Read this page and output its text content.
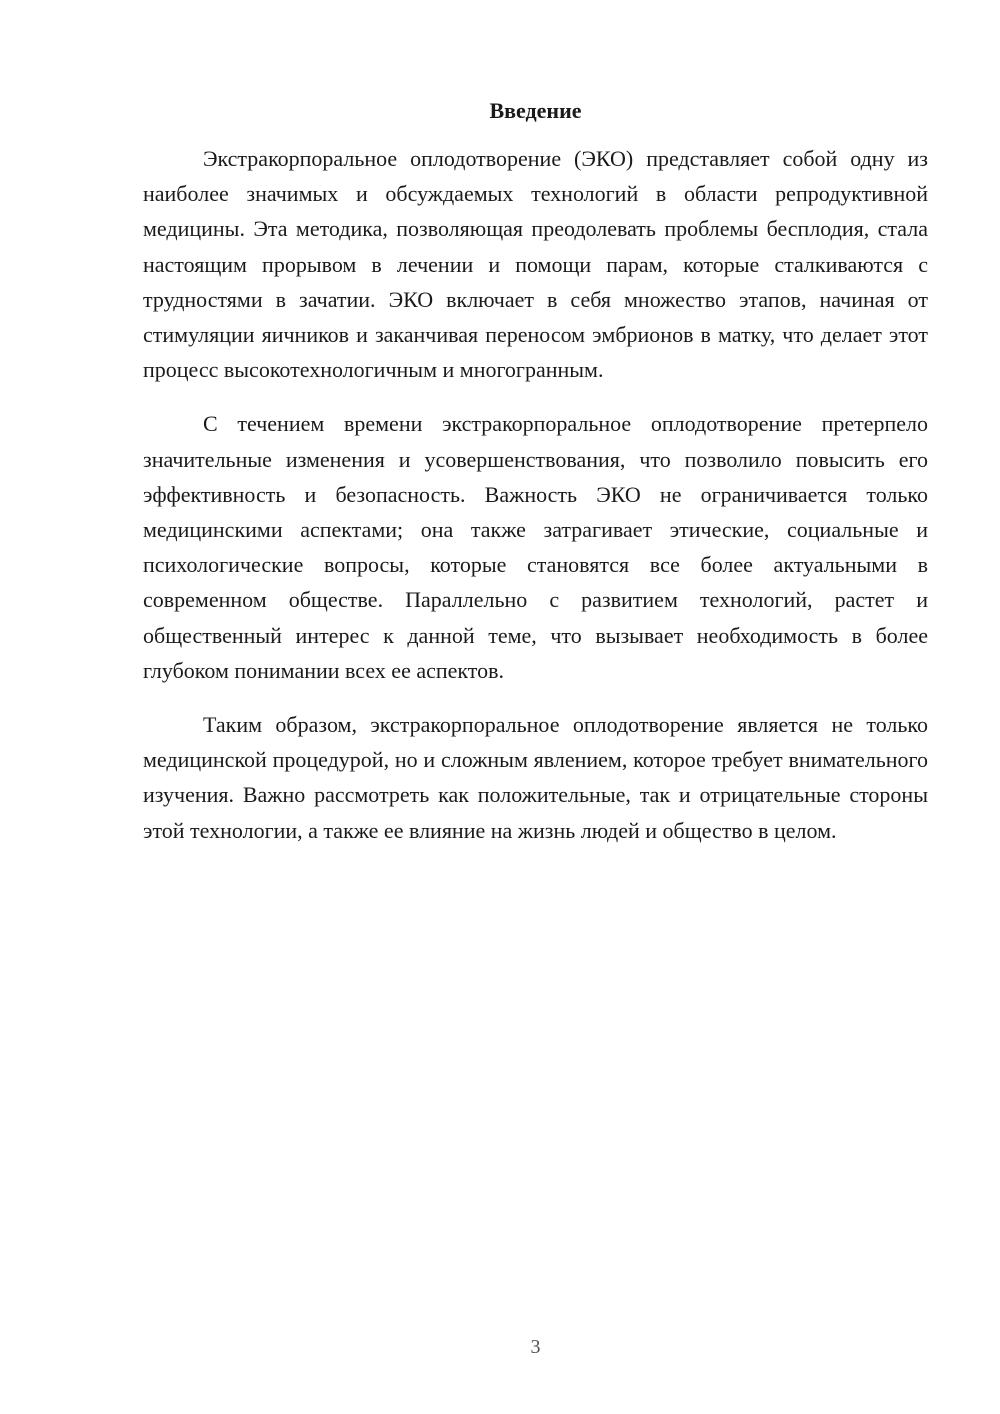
Введение

Экстракорпоральное оплодотворение (ЭКО) представляет собой одну из наиболее значимых и обсуждаемых технологий в области репродуктивной медицины. Эта методика, позволяющая преодолевать проблемы бесплодия, стала настоящим прорывом в лечении и помощи парам, которые сталкиваются с трудностями в зачатии. ЭКО включает в себя множество этапов, начиная от стимуляции яичников и заканчивая переносом эмбрионов в матку, что делает этот процесс высокотехнологичным и многогранным.

С течением времени экстракорпоральное оплодотворение претерпело значительные изменения и усовершенствования, что позволило повысить его эффективность и безопасность. Важность ЭКО не ограничивается только медицинскими аспектами; она также затрагивает этические, социальные и психологические вопросы, которые становятся все более актуальными в современном обществе. Параллельно с развитием технологий, растет и общественный интерес к данной теме, что вызывает необходимость в более глубоком понимании всех ее аспектов.

Таким образом, экстракорпоральное оплодотворение является не только медицинской процедурой, но и сложным явлением, которое требует внимательного изучения. Важно рассмотреть как положительные, так и отрицательные стороны этой технологии, а также ее влияние на жизнь людей и общество в целом.

3
